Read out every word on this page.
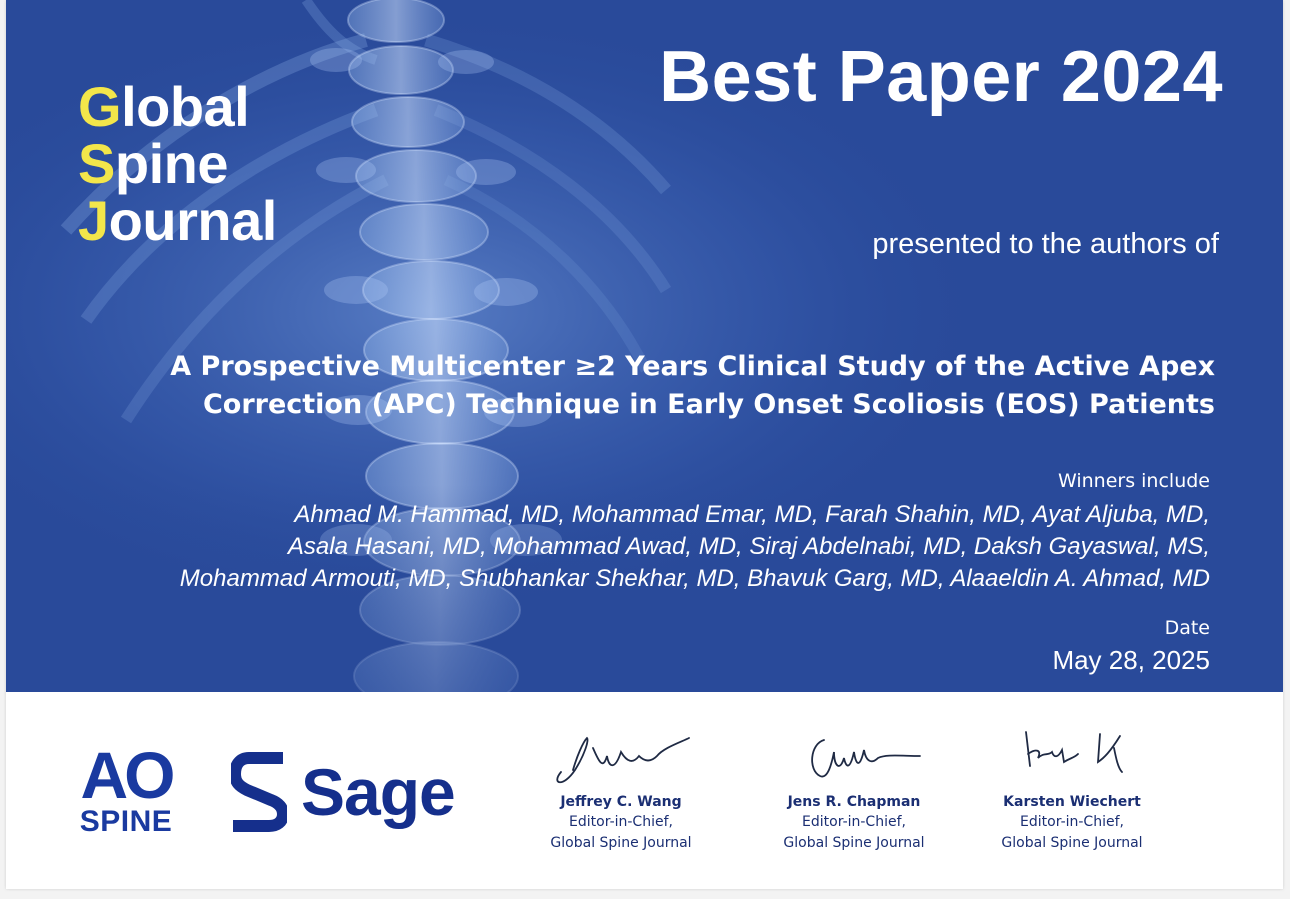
Global
Spine
Journal
Best Paper 2024
presented to the authors of
A Prospective Multicenter ≥2 Years Clinical Study of the Active Apex
Correction (APC) Technique in Early Onset Scoliosis (EOS) Patients
Winners include
Ahmad M. Hammad, MD, Mohammad Emar, MD, Farah Shahin, MD, Ayat Aljuba, MD,
Asala Hasani, MD, Mohammad Awad, MD, Siraj Abdelnabi, MD, Daksh Gayaswal, MS,
Mohammad Armouti, MD, Shubhankar Shekhar, MD, Bhavuk Garg, MD, Alaaeldin A. Ahmad, MD
Date
May 28, 2025
AO
SPINE Sage	Jeffrey C. Wang
Editor-in-Chief,
Global Spine Journal
Jens R. Chapman
Editor-in-Chief,
Global Spine Journal
Karsten Wiechert
Editor-in-Chief,
Global Spine Journal
